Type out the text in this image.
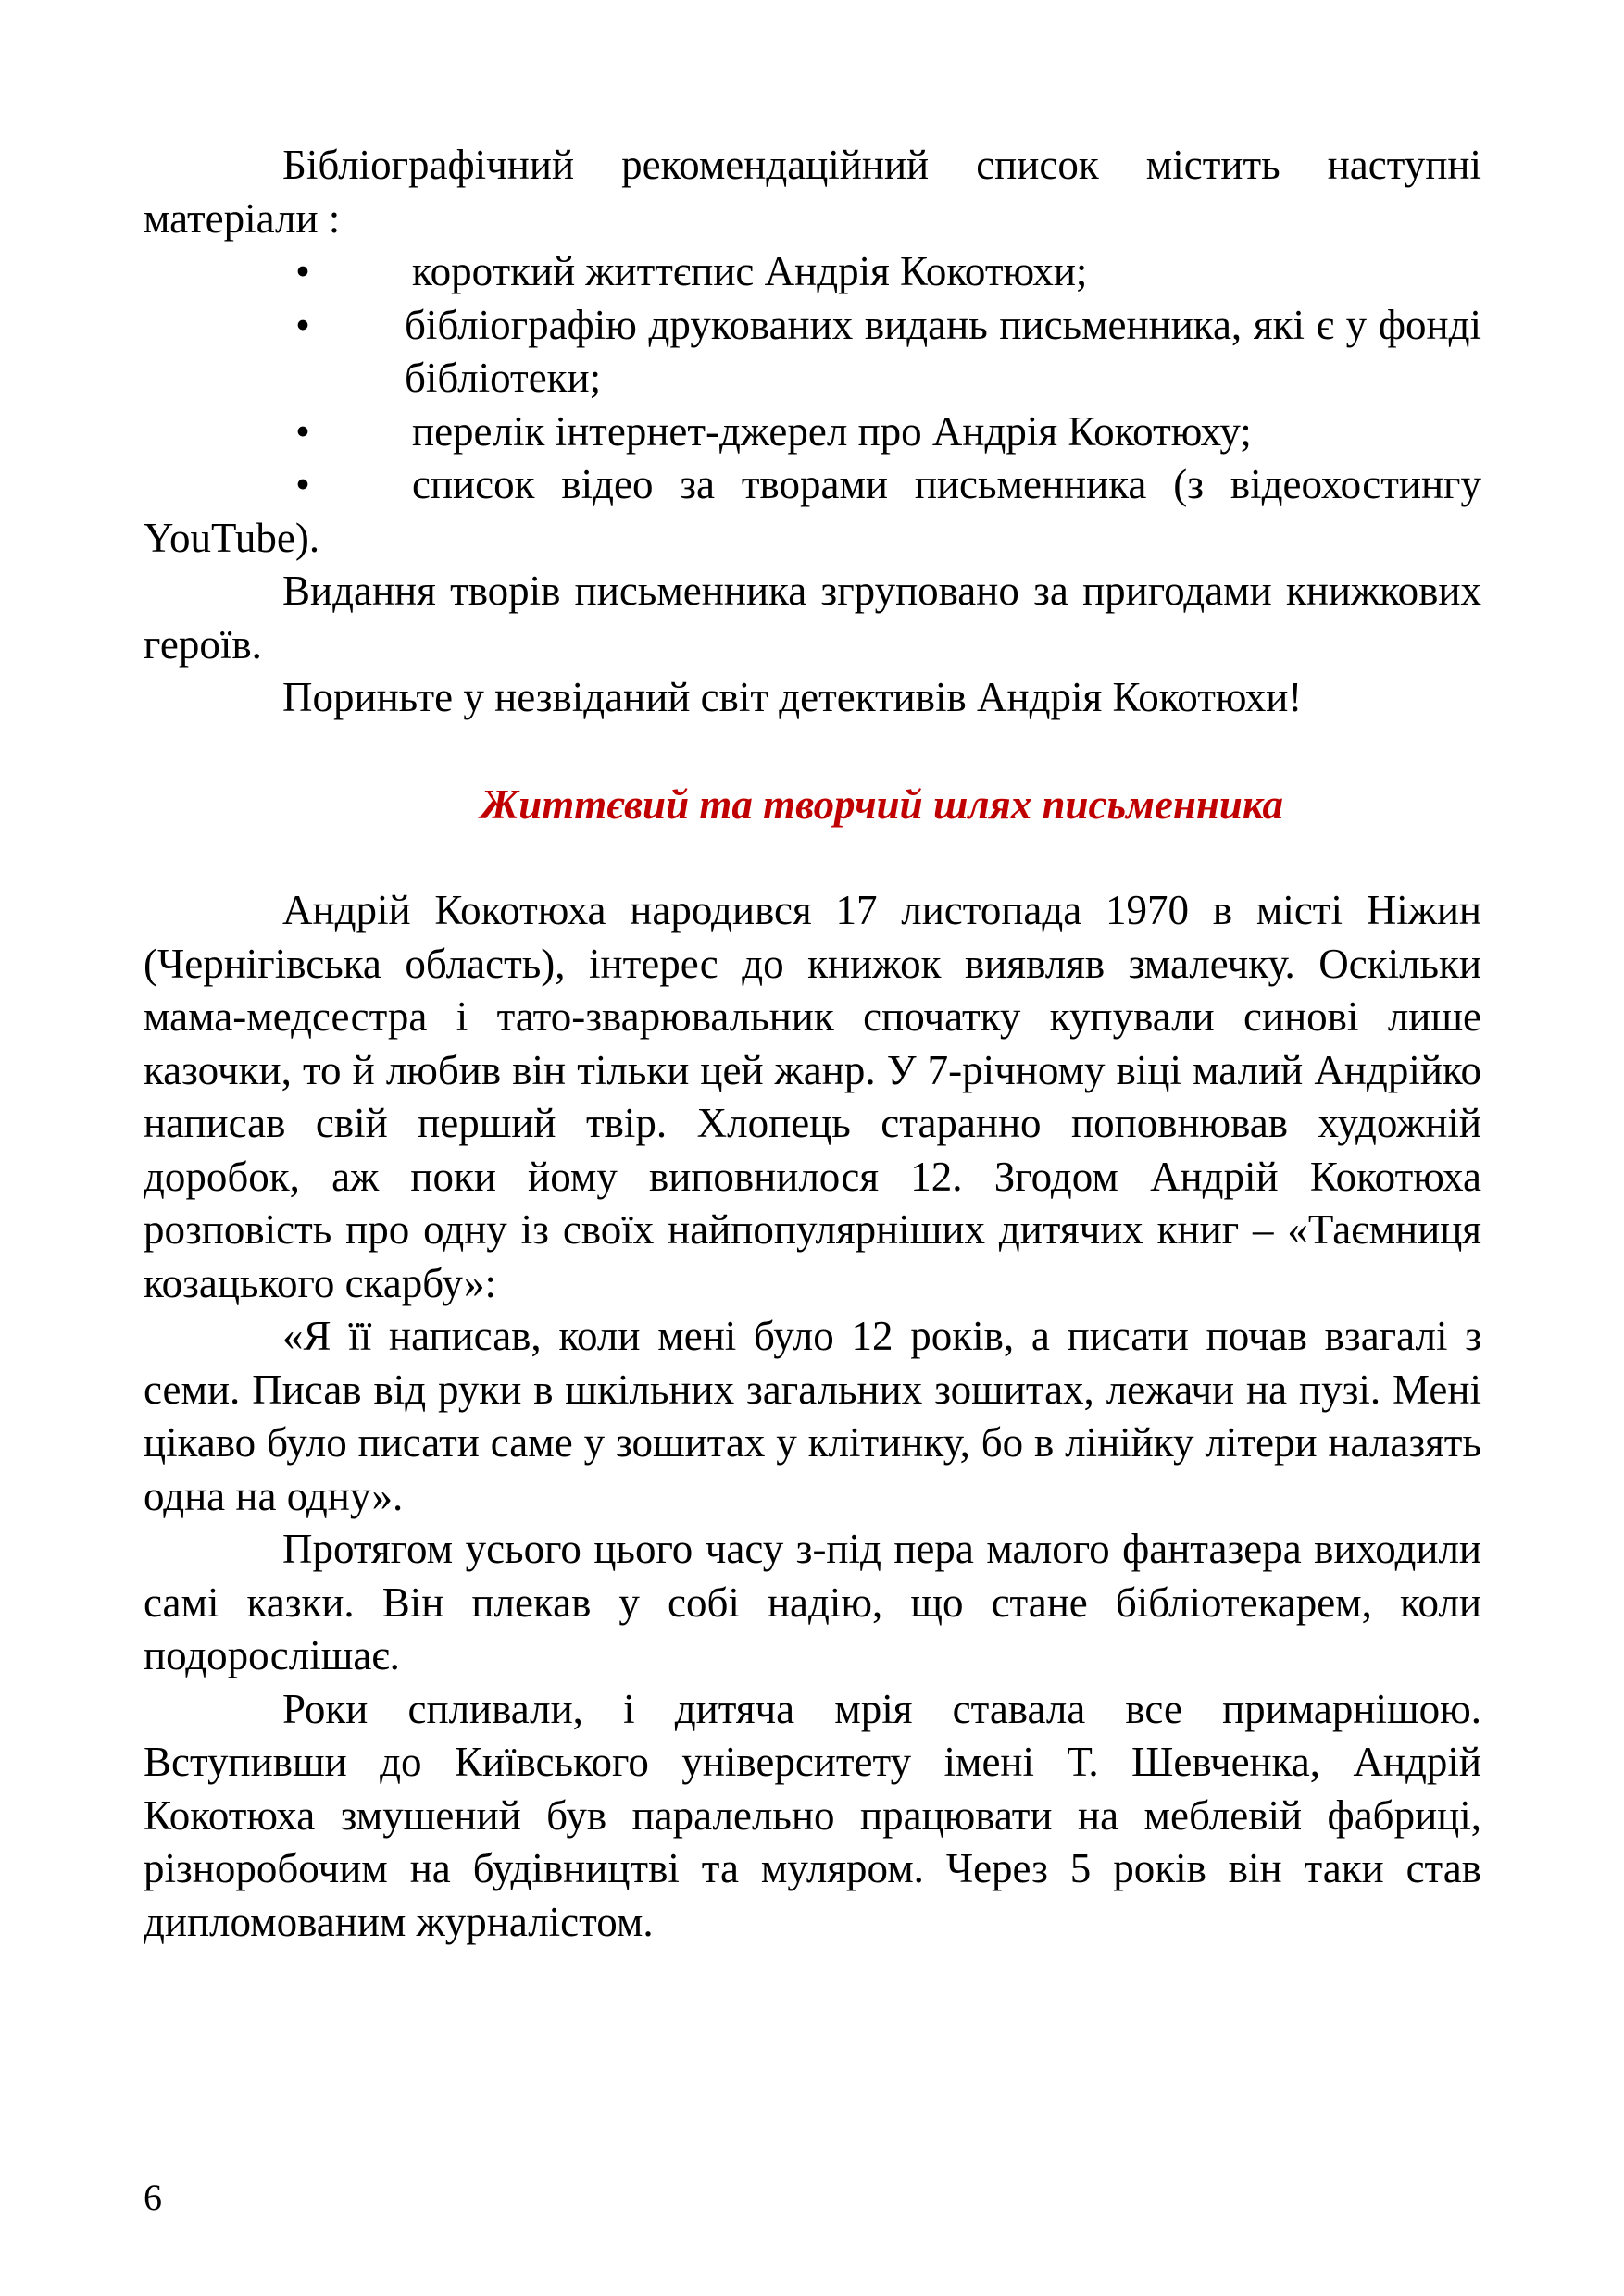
Бібліографічний рекомендаційний список містить наступні матеріали :

• короткий життєпис Андрія Кокотюхи;
• бібліографію друкованих видань письменника, які є у фонді бібліотеки;
• перелік інтернет-джерел про Андрія Кокотюху;
• список відео за творами письменника (з відеохостингу YouTube).

Видання творів письменника згруповано за пригодами книжкових героїв.

Пориньте у незвіданий світ детективів Андрія Кокотюхи!

Життєвий та творчий шлях письменника

Андрій Кокотюха народився 17 листопада 1970 в місті Ніжин (Чернігівська область), інтерес до книжок виявляв змалечку. Оскільки мама-медсестра і тато-зварювальник спочатку купували синові лише казочки, то й любив він тільки цей жанр. У 7-річному віці малий Андрійко написав свій перший твір. Хлопець старанно поповнював художній доробок, аж поки йому виповнилося 12. Згодом Андрій Кокотюха розповість про одну із своїх найпопулярніших дитячих книг – «Таємниця козацького скарбу»:

«Я її написав, коли мені було 12 років, а писати почав взагалі з семи. Писав від руки в шкільних загальних зошитах, лежачи на пузі. Мені цікаво було писати саме у зошитах у клітинку, бо в лінійку літери налазять одна на одну».

Протягом усього цього часу з-під пера малого фантазера виходили самі казки. Він плекав у собі надію, що стане бібліотекарем, коли подорослішає.

Роки спливали, і дитяча мрія ставала все примарнішою. Вступивши до Київського університету імені Т. Шевченка, Андрій Кокотюха змушений був паралельно працювати на меблевій фабриці, різноробочим на будівництві та муляром. Через 5 років він таки став дипломованим журналістом.

6
